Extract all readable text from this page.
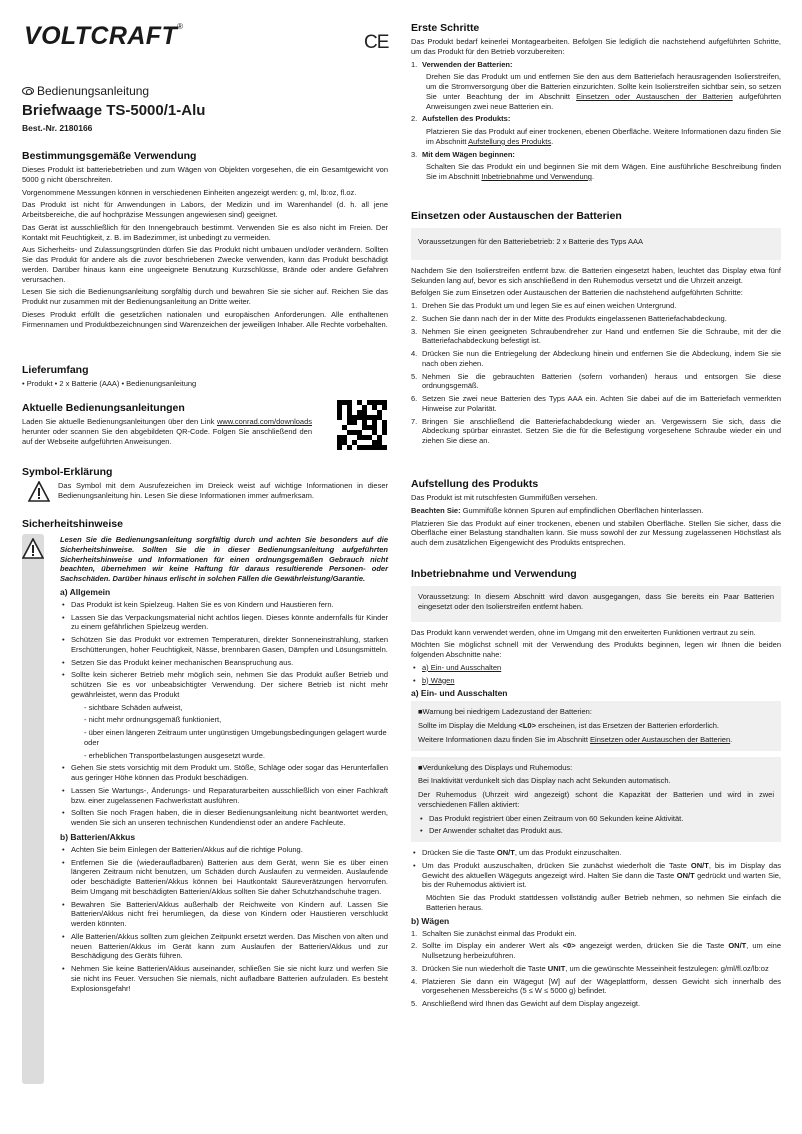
VOLTCRAFT®
CE
Bedienungsanleitung
Briefwaage TS-5000/1-Alu
Best.-Nr. 2180166
Bestimmungsgemäße Verwendung

Dieses Produkt ist batteriebetrieben und zum Wägen von Objekten vorgesehen, die ein Gesamtgewicht von 5000 g nicht überschreiten.

Vorgenommene Messungen können in verschiedenen Einheiten angezeigt werden: g, ml, lb:oz, fl.oz.

Das Produkt ist nicht für Anwendungen in Labors, der Medizin und im Warenhandel (d. h. all jene Arbeitsbereiche, die auf hochpräzise Messungen angewiesen sind) geeignet.

Das Gerät ist ausschließlich für den Innengebrauch bestimmt. Verwenden Sie es also nicht im Freien. Der Kontakt mit Feuchtigkeit, z. B. im Badezimmer, ist unbedingt zu vermeiden.

Aus Sicherheits- und Zulassungsgründen dürfen Sie das Produkt nicht umbauen und/oder verändern. Sollten Sie das Produkt für andere als die zuvor beschriebenen Zwecke verwenden, kann das Produkt beschädigt werden. Darüber hinaus kann eine ungeeignete Benutzung Kurzschlüsse, Brände oder andere Gefahren verursachen.

Lesen Sie sich die Bedienungsanleitung sorgfältig durch und bewahren Sie sie sicher auf. Reichen Sie das Produkt nur zusammen mit der Bedienungsanleitung an Dritte weiter.

Dieses Produkt erfüllt die gesetzlichen nationalen und europäischen Anforderungen. Alle enthaltenen Firmennamen und Produktbezeichnungen sind Warenzeichen der jeweiligen Inhaber. Alle Rechte vorbehalten.

Lieferumfang

• Produkt • 2 x Batterie (AAA) • Bedienungsanleitung

Aktuelle Bedienungsanleitungen

Laden Sie aktuelle Bedienungsanleitungen über den Link www.conrad.com/downloads herunter oder scannen Sie den abgebildeten QR-Code. Folgen Sie anschließend den auf der Webseite aufgeführten Anweisungen.

Symbol-Erklärung

Das Symbol mit dem Ausrufezeichen im Dreieck weist auf wichtige Informationen in dieser Bedienungsanleitung hin. Lesen Sie diese Informationen immer aufmerksam.

Sicherheitshinweise

Lesen Sie die Bedienungsanleitung sorgfältig durch und achten Sie besonders auf die Sicherheitshinweise. Sollten Sie die in dieser Bedienungsanleitung aufgeführten Sicherheitshinweise und Informationen für einen ordnungsgemäßen Gebrauch nicht beachten, übernehmen wir keine Haftung für daraus resultierende Personen- oder Sachschäden. Darüber hinaus erlischt in solchen Fällen die Gewährleistung/Garantie.

a) Allgemein
• Das Produkt ist kein Spielzeug. Halten Sie es von Kindern und Haustieren fern.
• Lassen Sie das Verpackungsmaterial nicht achtlos liegen. Dieses könnte andernfalls für Kinder zu einem gefährlichen Spielzeug werden.
• Schützen Sie das Produkt vor extremen Temperaturen, direkter Sonneneinstrahlung, starken Erschütterungen, hoher Feuchtigkeit, Nässe, brennbaren Gasen, Dämpfen und Lösungsmitteln.
• Setzen Sie das Produkt keiner mechanischen Beanspruchung aus.
• Sollte kein sicherer Betrieb mehr möglich sein, nehmen Sie das Produkt außer Betrieb und schützen Sie es vor unbeabsichtigter Verwendung. Der sichere Betrieb ist nicht mehr gewährleistet, wenn das Produkt
- sichtbare Schäden aufweist,
- nicht mehr ordnungsgemäß funktioniert,
- über einen längeren Zeitraum unter ungünstigen Umgebungsbedingungen gelagert wurde oder
- erheblichen Transportbelastungen ausgesetzt wurde.
• Gehen Sie stets vorsichtig mit dem Produkt um. Stöße, Schläge oder sogar das Herunterfallen aus geringer Höhe können das Produkt beschädigen.
• Lassen Sie Wartungs-, Änderungs- und Reparaturarbeiten ausschließlich von einer Fachkraft bzw. einer zugelassenen Fachwerkstatt ausführen.
• Sollten Sie noch Fragen haben, die in dieser Bedienungsanleitung nicht beantwortet werden, wenden Sie sich an unseren technischen Kundendienst oder an andere Fachleute.
b) Batterien/Akkus
• Achten Sie beim Einlegen der Batterien/Akkus auf die richtige Polung.
• Entfernen Sie die (wiederaufladbaren) Batterien aus dem Gerät, wenn Sie es über einen längeren Zeitraum nicht benutzen, um Schäden durch Auslaufen zu vermeiden. Auslaufende oder beschädigte Batterien/Akkus können bei Hautkontakt Säureverätzungen hervorrufen. Beim Umgang mit beschädigten Batterien/Akkus sollten Sie daher Schutzhandschuhe tragen.
• Bewahren Sie Batterien/Akkus außerhalb der Reichweite von Kindern auf. Lassen Sie Batterien/Akkus nicht frei herumliegen, da diese von Kindern oder Haustieren verschluckt werden könnten.
• Alle Batterien/Akkus sollten zum gleichen Zeitpunkt ersetzt werden. Das Mischen von alten und neuen Batterien/Akkus im Gerät kann zum Auslaufen der Batterien/Akkus und zur Beschädigung des Geräts führen.
• Nehmen Sie keine Batterien/Akkus auseinander, schließen Sie sie nicht kurz und werfen Sie sie nicht ins Feuer. Versuchen Sie niemals, nicht aufladbare Batterien aufzuladen. Es besteht Explosionsgefahr!
Erste Schritte

Das Produkt bedarf keinerlei Montagearbeiten. Befolgen Sie lediglich die nachstehend aufgeführten Schritte, um das Produkt für den Betrieb vorzubereiten:

1. Verwenden der Batterien:

Drehen Sie das Produkt um und entfernen Sie den aus dem Batteriefach herausragenden Isolierstreifen, um die Stromversorgung über die Batterien einzurichten. Sollte kein Isolierstreifen sichtbar sein, so setzen Sie unter Beachtung der im Abschnitt Einsetzen oder Austauschen der Batterien aufgeführten Anweisungen zwei neue Batterien ein.

2. Aufstellen des Produkts:

Platzieren Sie das Produkt auf einer trockenen, ebenen Oberfläche. Weitere Informationen dazu finden Sie im Abschnitt Aufstellung des Produkts.

3. Mit dem Wägen beginnen:

Schalten Sie das Produkt ein und beginnen Sie mit dem Wägen. Eine ausführliche Beschreibung finden Sie im Abschnitt Inbetriebnahme und Verwendung.

Einsetzen oder Austauschen der Batterien

Voraussetzungen für den Batteriebetrieb: 2 x Batterie des Typs AAA

Nachdem Sie den Isolierstreifen entfernt bzw. die Batterien eingesetzt haben, leuchtet das Display etwa fünf Sekunden lang auf, bevor es sich anschließend in den Ruhemodus versetzt und die Uhrzeit anzeigt.

Befolgen Sie zum Einsetzen oder Austauschen der Batterien die nachstehend aufgeführten Schritte:

1. Drehen Sie das Produkt um und legen Sie es auf einen weichen Untergrund.
2. Suchen Sie dann nach der in der Mitte des Produkts eingelassenen Batteriefachabdeckung.
3. Nehmen Sie einen geeigneten Schraubendreher zur Hand und entfernen Sie die Schraube, mit der die Batteriefachabdeckung befestigt ist.
4. Drücken Sie nun die Entriegelung der Abdeckung hinein und entfernen Sie die Abdeckung, indem Sie sie nach oben ziehen.
5. Nehmen Sie die gebrauchten Batterien (sofern vorhanden) heraus und entsorgen Sie diese ordnungsgemäß.
6. Setzen Sie zwei neue Batterien des Typs AAA ein. Achten Sie dabei auf die im Batteriefach vermerkten Hinweise zur Polarität.
7. Bringen Sie anschließend die Batteriefachabdeckung wieder an. Vergewissern Sie sich, dass die Abdeckung spürbar einrastet. Setzen Sie die für die Befestigung vorgesehene Schraube wieder ein und ziehen Sie diese an.
Aufstellung des Produkts

Das Produkt ist mit rutschfesten Gummifüßen versehen.

Beachten Sie: Gummifüße können Spuren auf empfindlichen Oberflächen hinterlassen.

Platzieren Sie das Produkt auf einer trockenen, ebenen und stabilen Oberfläche. Stellen Sie sicher, dass die Oberfläche einer Belastung standhalten kann. Sie muss sowohl der zur Messung zugelassenen Höchstlast als auch dem zusätzlichen Eigengewicht des Produkts entsprechen.

Inbetriebnahme und Verwendung

Voraussetzung: In diesem Abschnitt wird davon ausgegangen, dass Sie bereits ein Paar Batterien eingesetzt oder den Isolierstreifen entfernt haben.

Das Produkt kann verwendet werden, ohne im Umgang mit den erweiterten Funktionen vertraut zu sein.

Möchten Sie möglichst schnell mit der Verwendung des Produkts beginnen, legen wir Ihnen die beiden folgenden Abschnitte nahe:

• a) Ein- und Ausschalten
• b) Wägen
a) Ein- und Ausschalten

■Warnung bei niedrigem Ladezustand der Batterien:

Sollte im Display die Meldung <L0> erscheinen, ist das Ersetzen der Batterien erforderlich.

Weitere Informationen dazu finden Sie im Abschnitt Einsetzen oder Austauschen der Batterien.

■Verdunkelung des Displays und Ruhemodus:

Bei Inaktivität verdunkelt sich das Display nach acht Sekunden automatisch.

Der Ruhemodus (Uhrzeit wird angezeigt) schont die Kapazität der Batterien und wird in zwei verschiedenen Fällen aktiviert:

• Das Produkt registriert über einen Zeitraum von 60 Sekunden keine Aktivität.
• Der Anwender schaltet das Produkt aus.
• Drücken Sie die Taste ON/T, um das Produkt einzuschalten.
• Um das Produkt auszuschalten, drücken Sie zunächst wiederholt die Taste ON/T, bis im Display das Gewicht des aktuellen Wägeguts angezeigt wird. Halten Sie dann die Taste ON/T gedrückt und warten Sie, bis der Ruhemodus aktiviert ist.

Möchten Sie das Produkt stattdessen vollständig außer Betrieb nehmen, so nehmen Sie einfach die Batterien heraus.

b) Wägen
1. Schalten Sie zunächst einmal das Produkt ein.
2. Sollte im Display ein anderer Wert als <0> angezeigt werden, drücken Sie die Taste ON/T, um eine Nullsetzung herbeizuführen.
3. Drücken Sie nun wiederholt die Taste UNIT, um die gewünschte Messeinheit festzulegen: g/ml/fl.oz/lb:oz
4. Platzieren Sie dann ein Wägegut [W] auf der Wägeplattform, dessen Gewicht sich innerhalb des vorgesehenen Messbereichs (5 ≤ W ≤ 5000 g) befindet.
5. Anschließend wird Ihnen das Gewicht auf dem Display angezeigt.
